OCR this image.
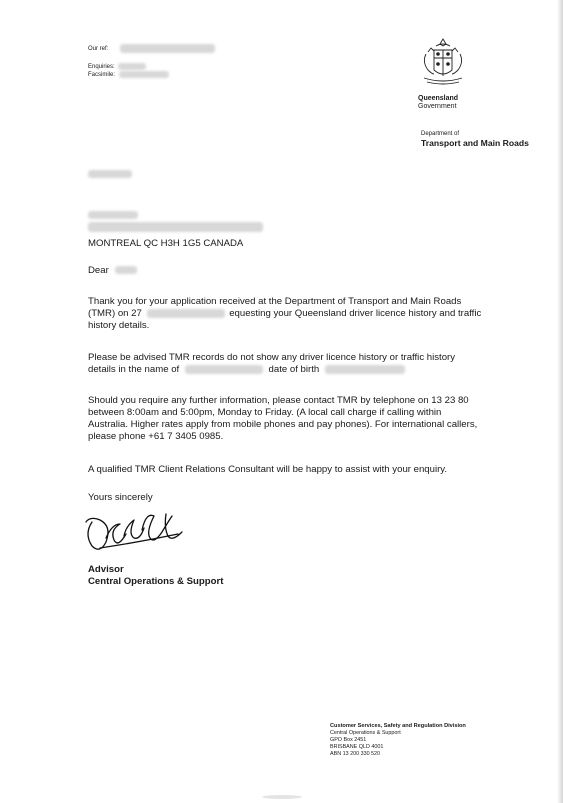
Our ref:
Enquiries:
Facsimile:
Queensland
Government
Department of
Transport and Main Roads
MONTREAL QC H3H 1G5 CANADA
Dear
Thank you for your application received at the Department of Transport and Main Roads
(TMR) on 27	equesting your Queensland driver licence history and traffic
history details.
Please be advised TMR records do not show any driver licence history or traffic history
details in the name of	date of birth
Should you require any further information, please contact TMR by telephone on 13 23 80
between 8:00am and 5:00pm, Monday to Friday. (A local call charge if calling within
Australia. Higher rates apply from mobile phones and pay phones). For international callers,
please phone +61 7 3405 0985.
A qualified TMR Client Relations Consultant will be happy to assist with your enquiry.
Yours sincerely
Advisor
Central Operations & Support
Customer Services, Safety and Regulation Division
Central Operations & Support
GPO Box 2451
BRISBANE QLD 4001
ABN 13 200 330 520
